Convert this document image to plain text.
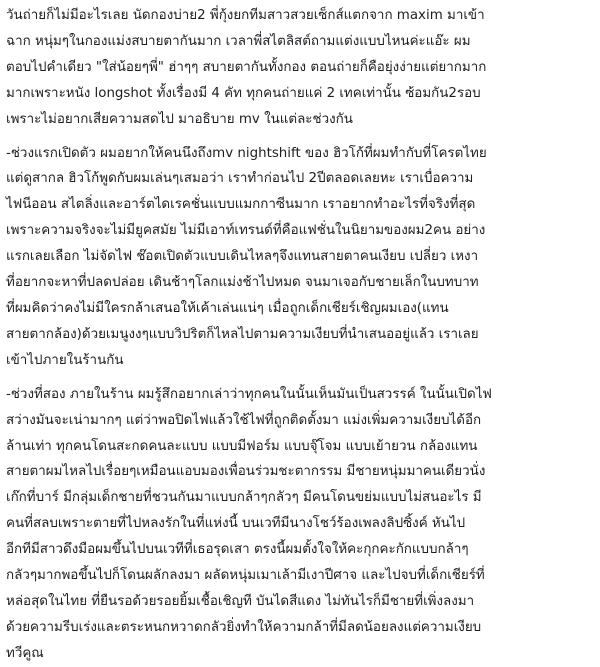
วันถ่ายก็ไม่มีอะไรเลย นัดกองบ่าย2 พี่กุ้งยกทีมสาวสวยเซ็กส์แตกจาก maxim มาเข้า
ฉาก หนุ่มๆในกองแม่งสบายตากันมาก เวลาพี่สไตลิสต์ถามแต่งแบบไหนค่ะแอ๊ะ ผม
ตอบไปคำเดียว "ใส่น้อยๆพี่" ฮ่าๆๆ สบายตากันทั้งกอง ตอนถ่ายก็คือยุ่งง่ายแต่ยากมาก
มากเพราะหนัง longshot ทั้งเรื่องมี 4 คัท ทุกคนถ่ายแค่ 2 เทคเท่านั้น ซ้อมกัน2รอบ
เพราะไม่อยากเสียความสดไป มาอธิบาย mv ในแต่ละช่วงกัน
-ช่วงแรกเปิดตัว ผมอยากให้คนนึงถึงmv nightshift ของ ฮิวโก้ที่ผมทำกับที่โครตไทย
แต่ดูสากล ฮิวโก้พูดกับผมเล่นๆเสมอว่า เราทำก่อนไป 2ปีตลอดเลยหะ เราเบื่อความ
ไฟนีออน สไตลิ่งและอาร์ตไดเรคชั่นแบบแมกกาซีนมาก เราอยากทำอะไรที่จริงที่สุด
เพราะความจริงจะไม่มียูคสมัย ไม่มีเอาท์เทรนด์ที่คือแฟชั่นในนิยามของผม2คน อย่าง
แรกเลยเลือก ไม่จัดไฟ ช๊อตเปิดตัวแบบเดินไหลๆจึงแทนสายตาคนเงียบ เปลี่ยว เหงา
ที่อยากจะหาที่ปลดปล่อย เดินช้าๆโลกแม่งช้าไปหมด จนมาเจอกับชายเล็กในบทบาท
ที่ผมคิดว่าคงไม่มีใครกล้าเสนอให้เค้าเล่นแน่ๆ เมื่อถูกเด็กเชียร์เชิญผมเอง(แทน
สายตากล้อง)ด้วยเมนูงงๆแบบวิปริตก็ไหลไปตามความเงียบที่นำเสนออยู่แล้ว เราเลย
เข้าไปภายในร้านกัน
-ช่วงที่สอง ภายในร้าน ผมรู้สึกอยากเล่าว่าทุกคนในนั้นเห็นมันเป็นสวรรค์ ในนั้นเปิดไฟ
สว่างมันจะเน่ามากๆ แต่ว่าพอปิดไฟแล้วใช้ไฟที่ถูกติดตั้งมา แม่งเพิ่มความเงียบได้อีก
ล้านเท่า ทุกคนโดนสะกดคนละแบบ แบบมีฟอร์ม แบบจุ๊โจม แบบเย้ายวน กล้องแทน
สายตาผมไหลไปเรื่อยๆเหมือนแอบมองเพื่อนร่วมชะตากรรม มีชายหนุ่มมาคนเดียวนั่ง
เก๊กที่บาร์ มีกลุ่มเด็กชายที่ชวนกันมาแบบกล้าๆกลัวๆ มีคนโดนขย่มแบบไม่สนอะไร มี
คนที่สลบเพราะตายที่ไปหลงรักในที่แห่งนี้ บนเวทีมีนางโชว์ร้องเพลงลิปซิ้งค์ หันไป
อีกทีมีสาวดึงมือผมขึ้นไปบนเวทีที่เธอรุดเสา ตรงนี้ผมตั้งใจให้คะกุกคะกักแบบกล้าๆ
กลัวๆมากพอขึ้นไปก็โดนผลักลงมา ผลัดหนุ่มเมาเล้ามีเงาปีศาจ และไปจบที่เด็กเชียร์ที่
หล่อสุดในไทย ที่ยืนรอด้วยรอยยิ้มเชื้อเชิญที บันไดสีแดง ไม่ทันไรก็มีชายที่เพิ่งลงมา
ด้วยความรีบเร่งและตระหนกหวาดกลัวยิ่งทำให้ความกล้าที่มีลดน้อยลงแต่ความเงียบ
ทวีคูณ
